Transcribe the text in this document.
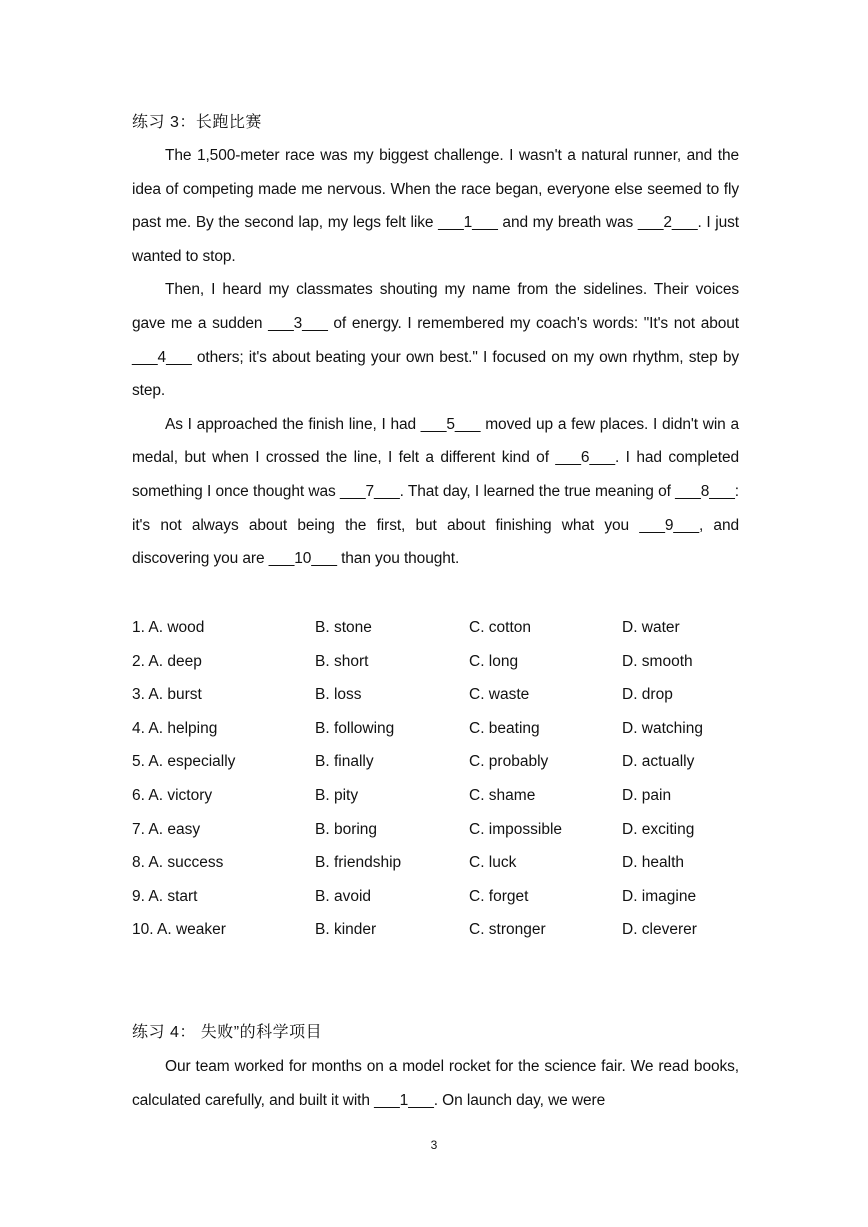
练习 3：长跑比赛

The 1,500-meter race was my biggest challenge. I wasn't a natural runner, and the idea of competing made me nervous. When the race began, everyone else seemed to fly past me. By the second lap, my legs felt like ___1___ and my breath was ___2___. I just wanted to stop.

Then, I heard my classmates shouting my name from the sidelines. Their voices gave me a sudden ___3___ of energy. I remembered my coach's words: "It's not about ___4___ others; it's about beating your own best." I focused on my own rhythm, step by step.

As I approached the finish line, I had ___5___ moved up a few places. I didn't win a medal, but when I crossed the line, I felt a different kind of ___6___. I had completed something I once thought was ___7___. That day, I learned the true meaning of ___8___: it's not always about being the first, but about finishing what you ___9___, and discovering you are ___10___ than you thought.

1. A. wood	B. stone	C. cotton	D. water
2. A. deep	B. short	C. long	D. smooth
3. A. burst	B. loss	C. waste	D. drop
4. A. helping	B. following	C. beating	D. watching
5. A. especially	B. finally	C. probably	D. actually
6. A. victory	B. pity	C. shame	D. pain
7. A. easy	B. boring	C. impossible	D. exciting
8. A. success	B. friendship	C. luck	D. health
9. A. start	B. avoid	C. forget	D. imagine
10. A. weaker	B. kinder	C. stronger	D. cleverer
练习 4： 失败”的科学项目

Our team worked for months on a model rocket for the science fair. We read books, calculated carefully, and built it with ___1___. On launch day, we were

3
